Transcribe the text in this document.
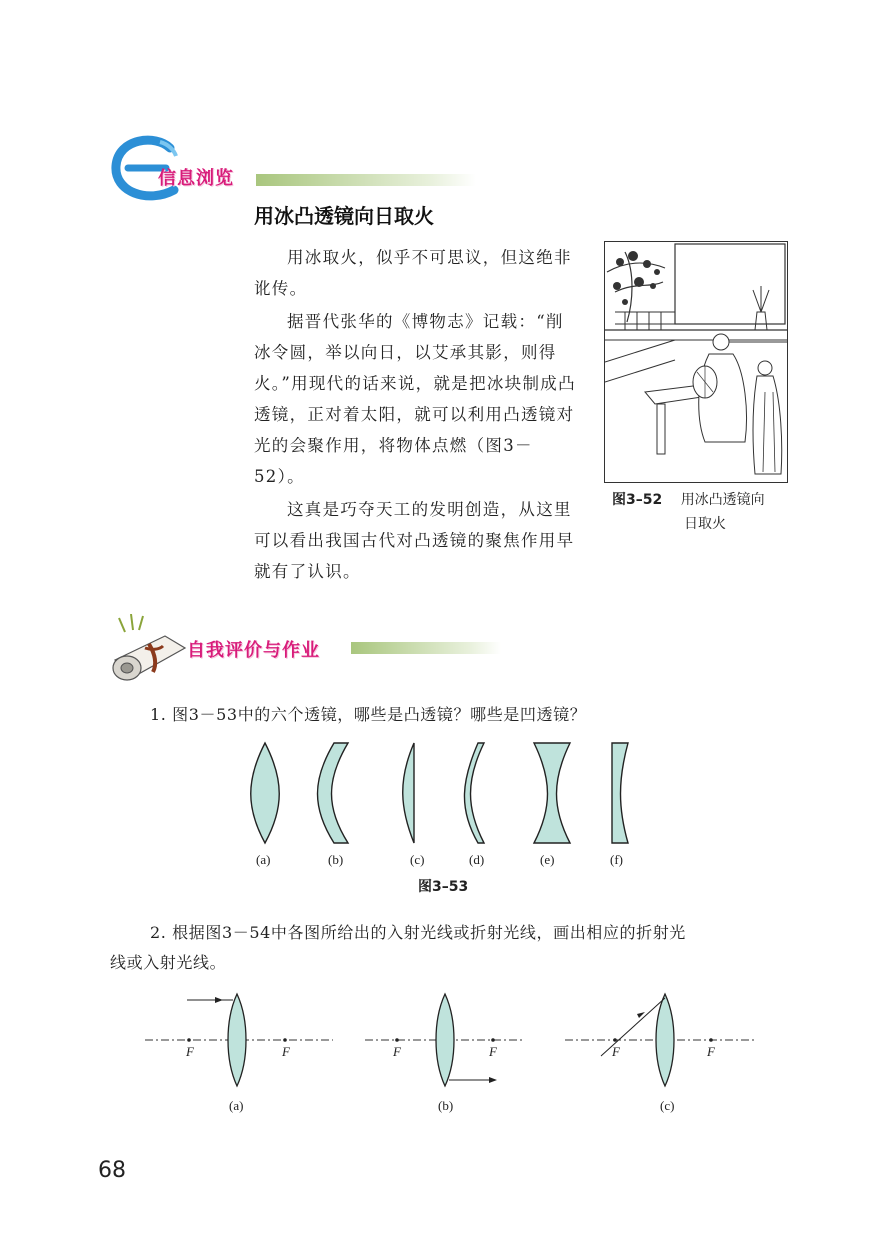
信息浏览
用冰凸透镜向日取火

用冰取火，似乎不可思议，但这绝非讹传。

据晋代张华的《博物志》记载：“削冰令圆，举以向日，以艾承其影，则得火。”用现代的话来说，就是把冰块制成凸透镜，正对着太阳，就可以利用凸透镜对光的会聚作用，将物体点燃（图3－52）。

这真是巧夺天工的发明创造，从这里可以看出我国古代对凸透镜的聚焦作用早就有了认识。

图3–52 用冰凸透镜向
日取火
自我评价与作业
1. 图3－53中的六个透镜，哪些是凸透镜？哪些是凹透镜？
(a)	(b)	(c)	(d)	(e)	(f)
图3–53
2. 根据图3－54中各图所给出的入射光线或折射光线，画出相应的折射光
线或入射光线。
F	F
(a)
F	F
(b)
F	F
(c)
68
